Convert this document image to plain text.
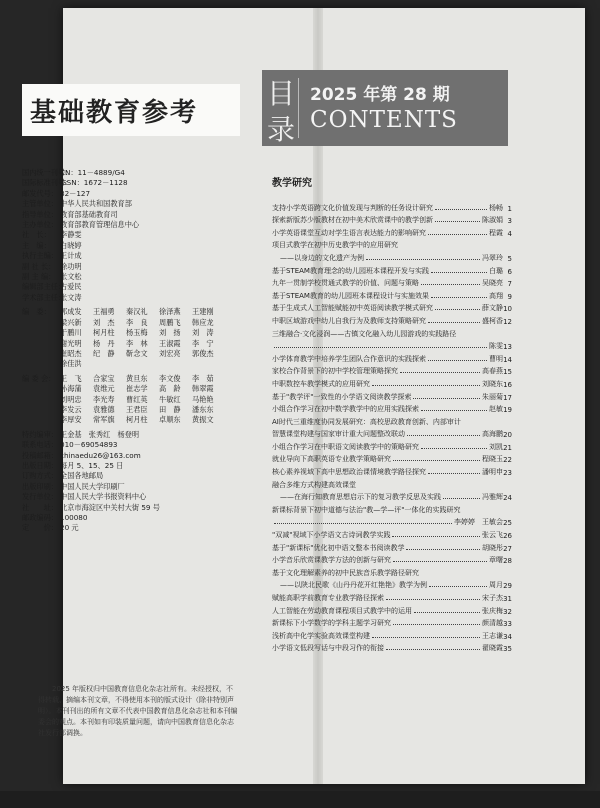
基础教育参考
国内统一刊号：
CN：11－4889/G4
国际标准刊号：
ISSN：1672－1128
邮发代号： 82－127
主管单位： 中华人民共和国教育部
指导单位： 教育部基础教育司
主办单位： 教育部教育管理信息中心
社　长：	李静雯
主　编：	白晓婷
执行主编： 王计成
副 社 长： 徐功明
副 主 编： 张文松
编辑部主任：
占爱民
学术部主任：
张文涛
编　委：	郭成发	王福勇	秦汉礼	徐泽燕	王建刚
梁兴新	刘　杰	李　良	周鹏飞	韩应龙
于鹏川	柯月柱	杨玉梅	刘　扬	刘　涛
谢光明	杨　丹	李　林	王淑霞	李　宁
崔昭杰	纪　静	靳念文	刘宏亮	郭俊杰
徐佳洪
编 委 会： 王　飞	合家宝	黄旦东	李文俊	李　茹
孙海蒲	袁维元	崔志学	高　龄	韩翠霞
刘明忠	李光寿	曹红英	牛敏红	马艳艳
李发云	袁雅德	王君臣	田　静	潘东东
李厚安	常军旗	柯月柱	卓顺东	黄振文
特约编审： 王金基　张秀红　杨登明
联系电话： 010－69054893
投稿邮箱： chinaedu26@163.com
出版日期： 每月 5、15、25 日
订购方式： 全国各地邮局
出版印刷： 中国人民大学印刷厂
发行单位： 中国人民大学书报资料中心
社　　址： 北京市海淀区中关村大街 59 号
邮政编码： 100080
定　　价： 20 元
2025 年版权归中国教育信息化杂志社所有。未经授权，不得转载、摘编本刊文章，不得使用本刊的版式设计（除非特别声明）。本刊刊出的所有文章不代表中国教育信息化杂志社和本刊编委会的观点。本刊如有印装质量问题，请向中国教育信息化杂志社发行部调换。
目
录
2025 年第 28 期
CONTENTS
教学研究
支持小学英语跨文化价值发现与判断的任务设计研究	杨畅 1
探索新版苏少版教材在初中美术欣赏课中的教学创新	陈淑娟 3
小学英语课堂互动对学生语言表达能力的影响研究	程霞 4
项目式教学在初中历史教学中的应用研究
——以身边的文化遗产为例	冯翠玲 5
基于STEAM教育理念的幼儿园班本课程开发与实践	白璐 6
九年一贯制学校贯通式教学的价值、问题与策略	吴晓亮 7
基于STEAM教育的幼儿园班本课程设计与实施效果	高翔 9
基于生成式人工智能赋能初中英语阅读教学模式研究	薛文静 10
中职区域游戏中幼儿自我行为及教师支持策略研究	盛柯香 12
三维融合·文化浸润——古镇文化融入幼儿园游戏的实践路径
陈雯 13
小学体育教学中培养学生团队合作意识的实践探索	曹明 14
家校合作背景下的初中学校管理策略探究	高春燕 15
中职数控车教学模式的应用研究	刘晓东 16
基于"教学评"一致性的小学语文阅读教学探索	朱丽菊 17
小组合作学习在初中数学教学中的应用实践探索	赵敏 19
AI时代三重维度协同发展研究：高校思政教育创新、内部审计
智慧课堂构建与国家审计重大问题整改联动	高海鹏 20
小组合作学习在中职语文阅读教学中的策略研究	刘凯 21
就业导向下高职英语专业教学策略研究	程晓玉 22
核心素养视域下高中思想政治课情境教学路径探究	潘明申 23
融合多维方式构建高效课堂
——在海行知教育思想启示下的复习教学反思及实践	冯雅辉 24
新课标背景下初中道德与法治"教—学—评"一体化的实践研究
李婷婷　王敏会 25
"双减"视域下小学语文古诗词教学实践	张云飞 26
基于"新课标"优化初中语文整本书阅读教学	胡晓彤 27
小学音乐欣赏课教学方法的创新与研究	章曙 28
基于文化理解素养的初中民族音乐教学路径研究
——以陕北民歌《山丹丹花开红艳艳》教学为例	周月 29
赋能高职学前教育专业教学路径探索	宋子杰 31
人工智能在劳动教育课程项目式教学中的运用	张庆梅 32
新课标下小学数学的学科主题学习研究	颜清越 33
浅析高中化学实验高效课堂构建	王志谦 34
小学语文低段写话与中段习作的衔接	翟晓霞 35
